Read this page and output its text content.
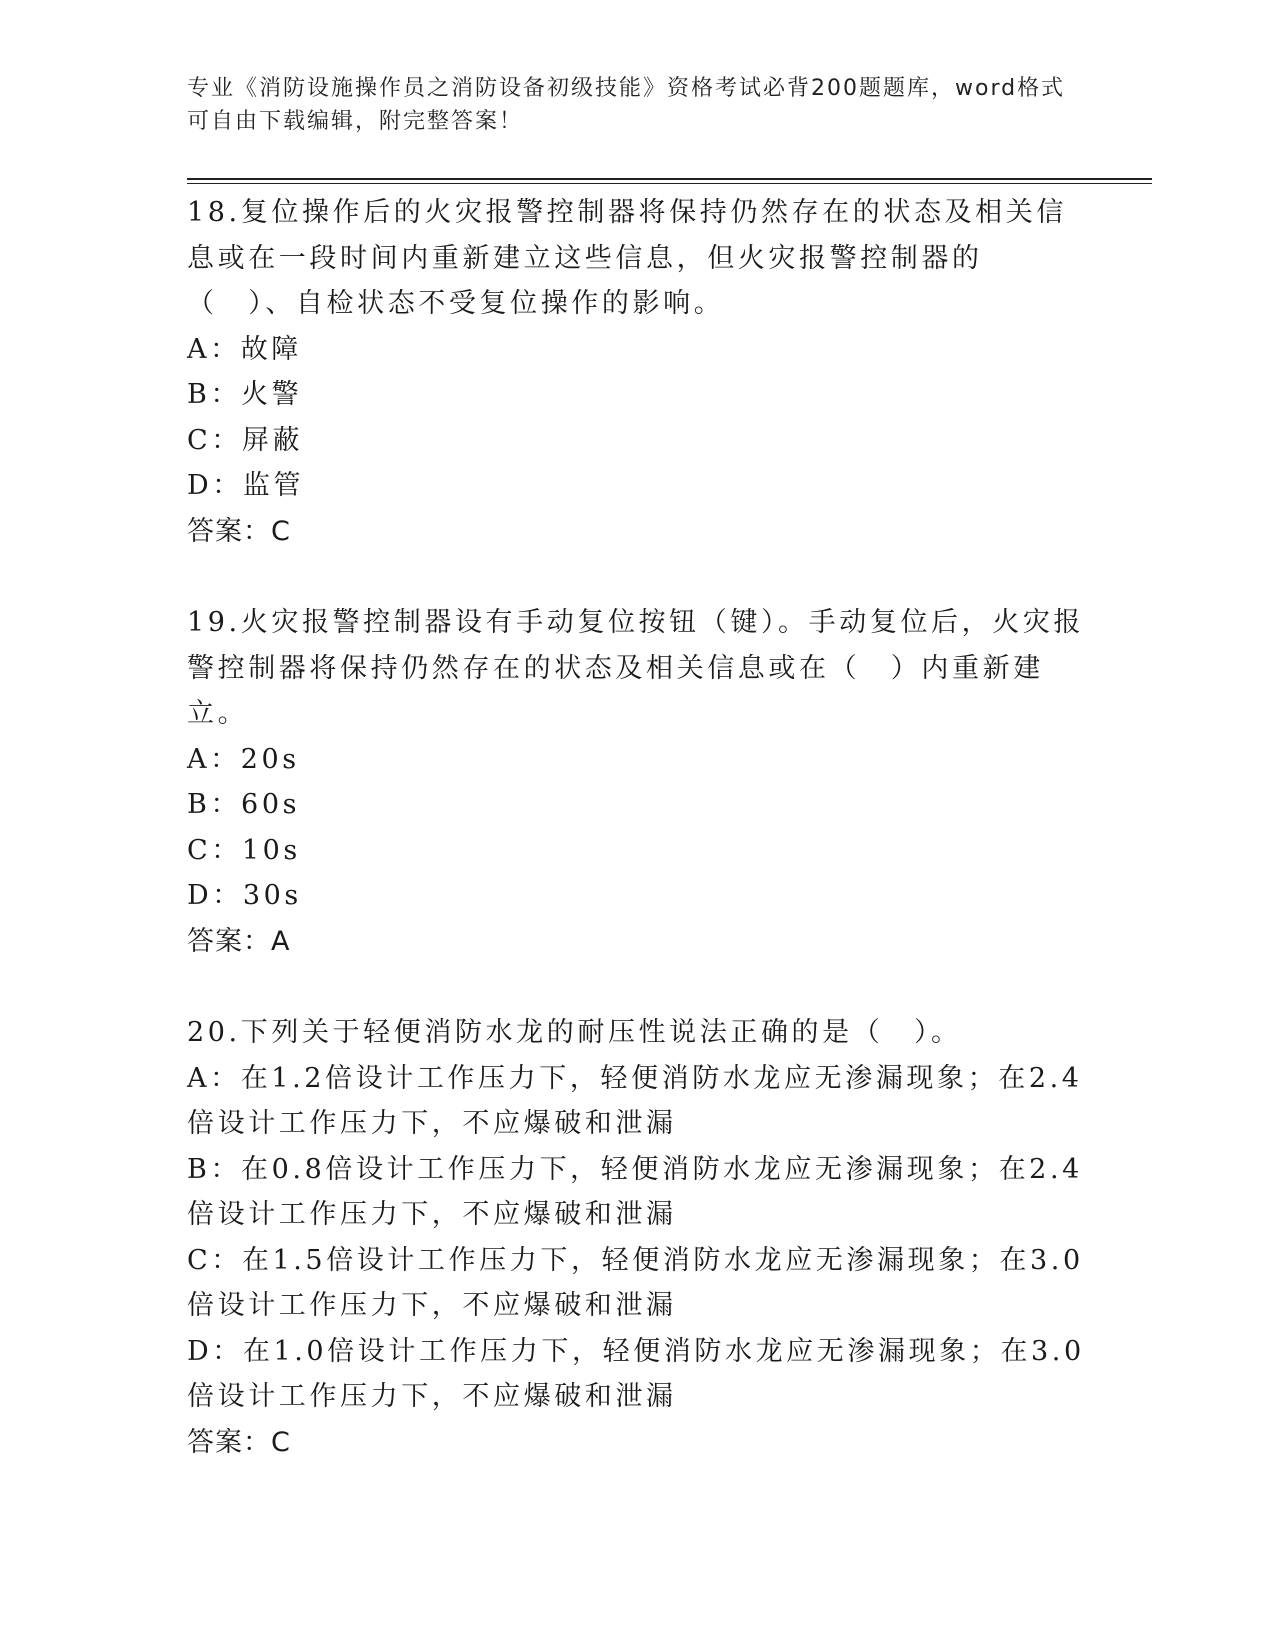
专业《消防设施操作员之消防设备初级技能》资格考试必背200题题库，word格式可自由下载编辑，附完整答案！

18.复位操作后的火灾报警控制器将保持仍然存在的状态及相关信息或在一段时间内重新建立这些信息，但火灾报警控制器的（　）、自检状态不受复位操作的影响。

A：故障

B：火警

C：屏蔽

D：监管

答案：C

19.火灾报警控制器设有手动复位按钮（键）。手动复位后，火灾报警控制器将保持仍然存在的状态及相关信息或在（　）内重新建立。

A：20s

B：60s

C：10s

D：30s

答案：A

20.下列关于轻便消防水龙的耐压性说法正确的是（　）。

A：在1.2倍设计工作压力下，轻便消防水龙应无渗漏现象；在2.4倍设计工作压力下，不应爆破和泄漏

B：在0.8倍设计工作压力下，轻便消防水龙应无渗漏现象；在2.4倍设计工作压力下，不应爆破和泄漏

C：在1.5倍设计工作压力下，轻便消防水龙应无渗漏现象；在3.0倍设计工作压力下，不应爆破和泄漏

D：在1.0倍设计工作压力下，轻便消防水龙应无渗漏现象；在3.0倍设计工作压力下，不应爆破和泄漏

答案：C
